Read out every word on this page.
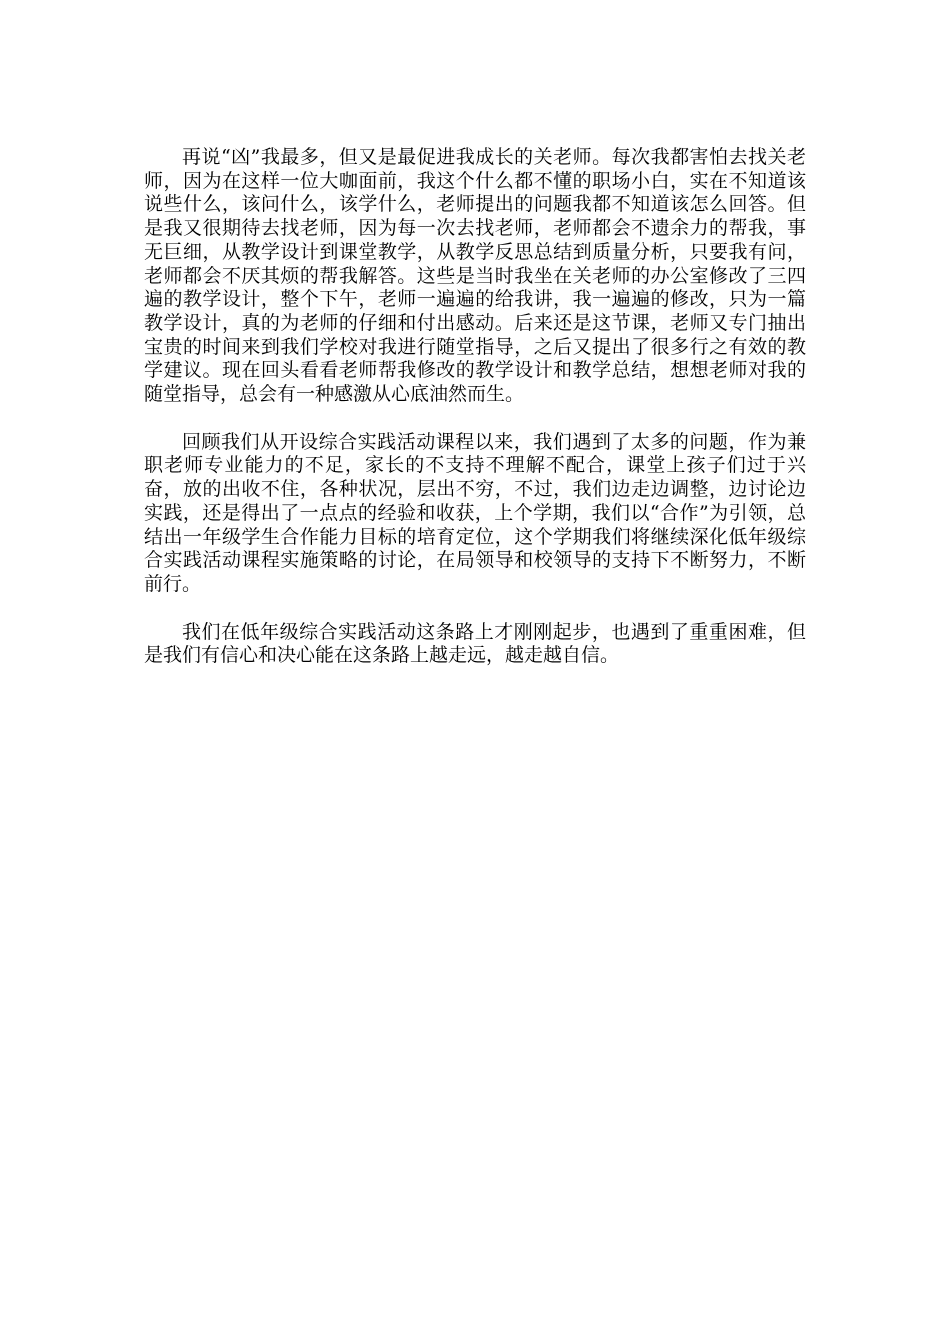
再说“凶”我最多，但又是最促进我成长的关老师。每次我都害怕去找关老师，因为在这样一位大咖面前，我这个什么都不懂的职场小白，实在不知道该说些什么，该问什么，该学什么，老师提出的问题我都不知道该怎么回答。但是我又很期待去找老师，因为每一次去找老师，老师都会不遗余力的帮我，事无巨细，从教学设计到课堂教学，从教学反思总结到质量分析，只要我有问，老师都会不厌其烦的帮我解答。这些是当时我坐在关老师的办公室修改了三四遍的教学设计，整个下午，老师一遍遍的给我讲，我一遍遍的修改，只为一篇教学设计，真的为老师的仔细和付出感动。后来还是这节课，老师又专门抽出宝贵的时间来到我们学校对我进行随堂指导，之后又提出了很多行之有效的教学建议。现在回头看看老师帮我修改的教学设计和教学总结，想想老师对我的随堂指导，总会有一种感激从心底油然而生。

回顾我们从开设综合实践活动课程以来，我们遇到了太多的问题，作为兼职老师专业能力的不足，家长的不支持不理解不配合，课堂上孩子们过于兴奋，放的出收不住，各种状况，层出不穷，不过，我们边走边调整，边讨论边实践，还是得出了一点点的经验和收获，上个学期，我们以“合作”为引领，总结出一年级学生合作能力目标的培育定位，这个学期我们将继续深化低年级综合实践活动课程实施策略的讨论，在局领导和校领导的支持下不断努力，不断前行。

我们在低年级综合实践活动这条路上才刚刚起步，也遇到了重重困难，但是我们有信心和决心能在这条路上越走远，越走越自信。
